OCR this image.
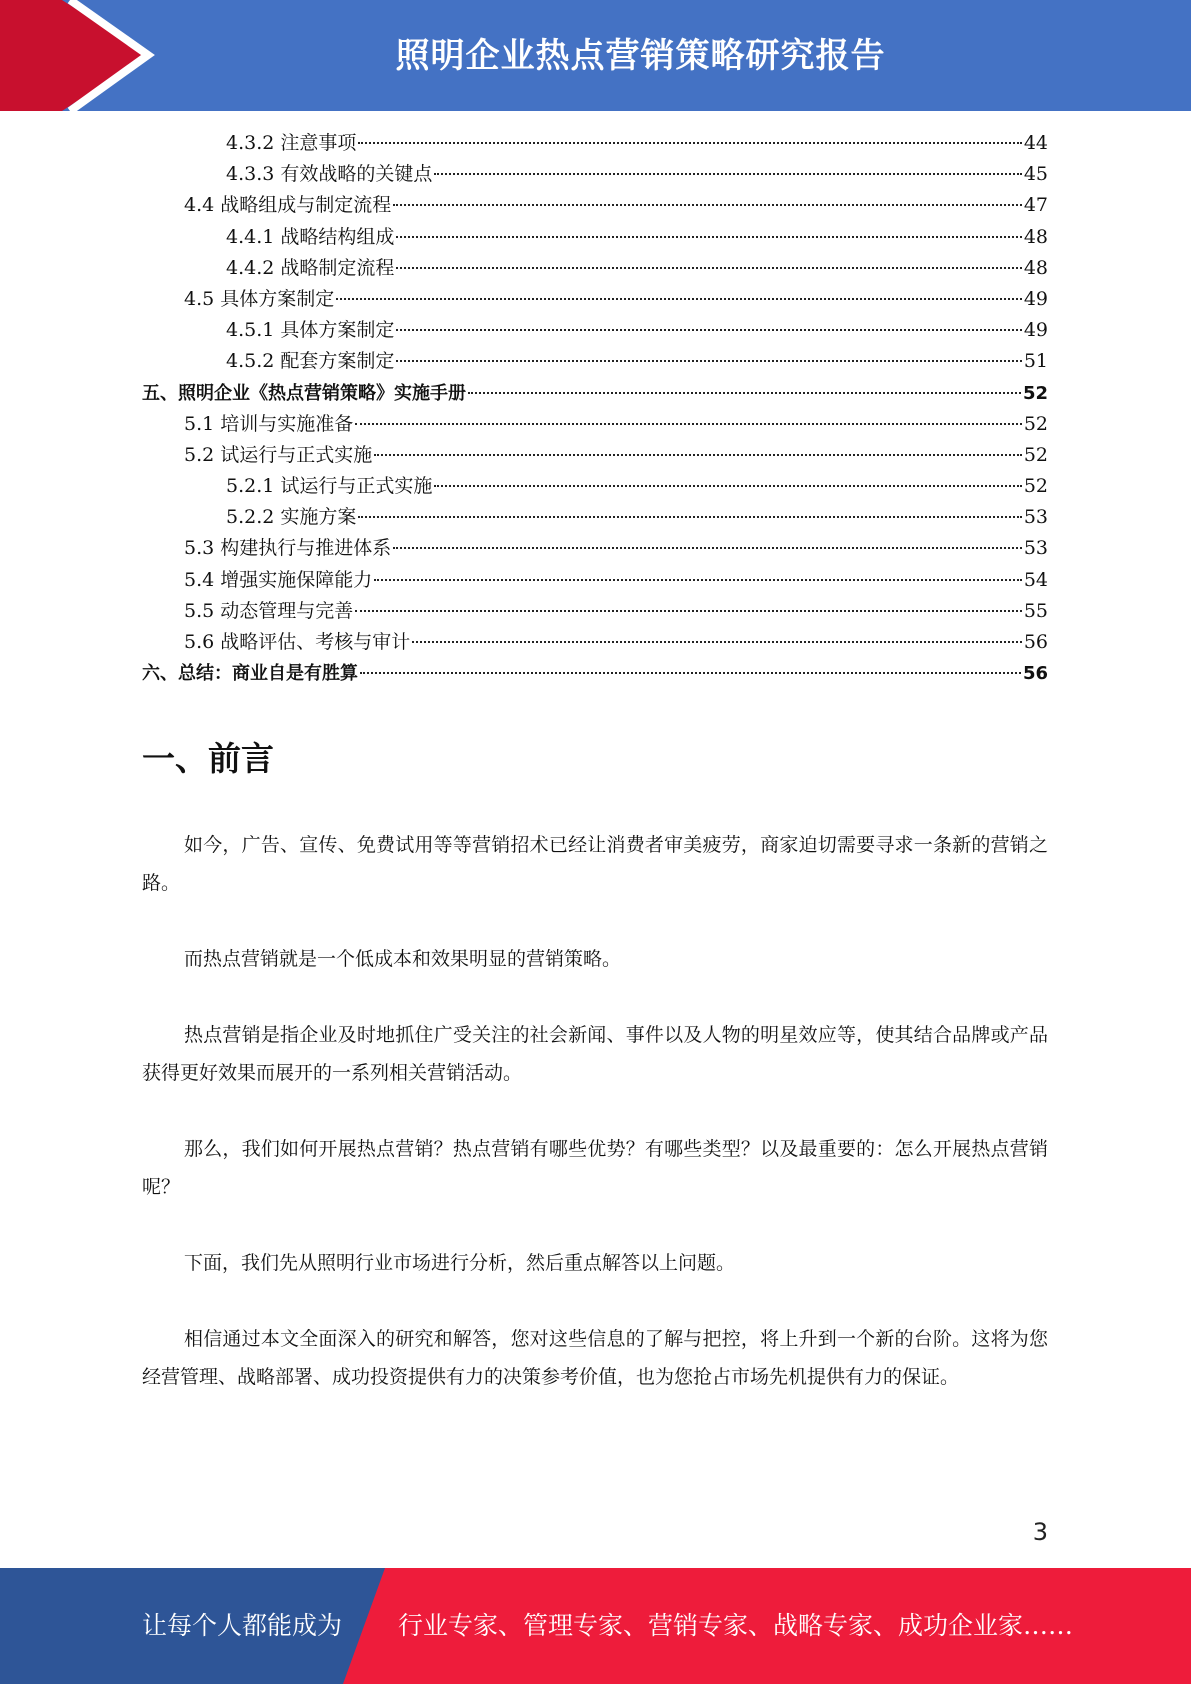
照明企业热点营销策略研究报告
4.3.2 注意事项	44
4.3.3 有效战略的关键点	45
4.4 战略组成与制定流程	47
4.4.1 战略结构组成	48
4.4.2 战略制定流程	48
4.5 具体方案制定	49
4.5.1 具体方案制定	49
4.5.2 配套方案制定	51
五、照明企业《热点营销策略》实施手册	52
5.1 培训与实施准备	52
5.2 试运行与正式实施	52
5.2.1 试运行与正式实施	52
5.2.2 实施方案	53
5.3 构建执行与推进体系	53
5.4 增强实施保障能力	54
5.5 动态管理与完善	55
5.6 战略评估、考核与审计	56
六、总结：商业自是有胜算	56
一、前言

如今，广告、宣传、免费试用等等营销招术已经让消费者审美疲劳，商家迫切需要寻求一条新的营销之路。

而热点营销就是一个低成本和效果明显的营销策略。

热点营销是指企业及时地抓住广受关注的社会新闻、事件以及人物的明星效应等，使其结合品牌或产品获得更好效果而展开的一系列相关营销活动。

那么，我们如何开展热点营销？热点营销有哪些优势？有哪些类型？以及最重要的：怎么开展热点营销呢？

下面，我们先从照明行业市场进行分析，然后重点解答以上问题。

相信通过本文全面深入的研究和解答，您对这些信息的了解与把控，将上升到一个新的台阶。这将为您经营管理、战略部署、成功投资提供有力的决策参考价值，也为您抢占市场先机提供有力的保证。

3
让每个人都能成为 行业专家、管理专家、营销专家、战略专家、成功企业家……
